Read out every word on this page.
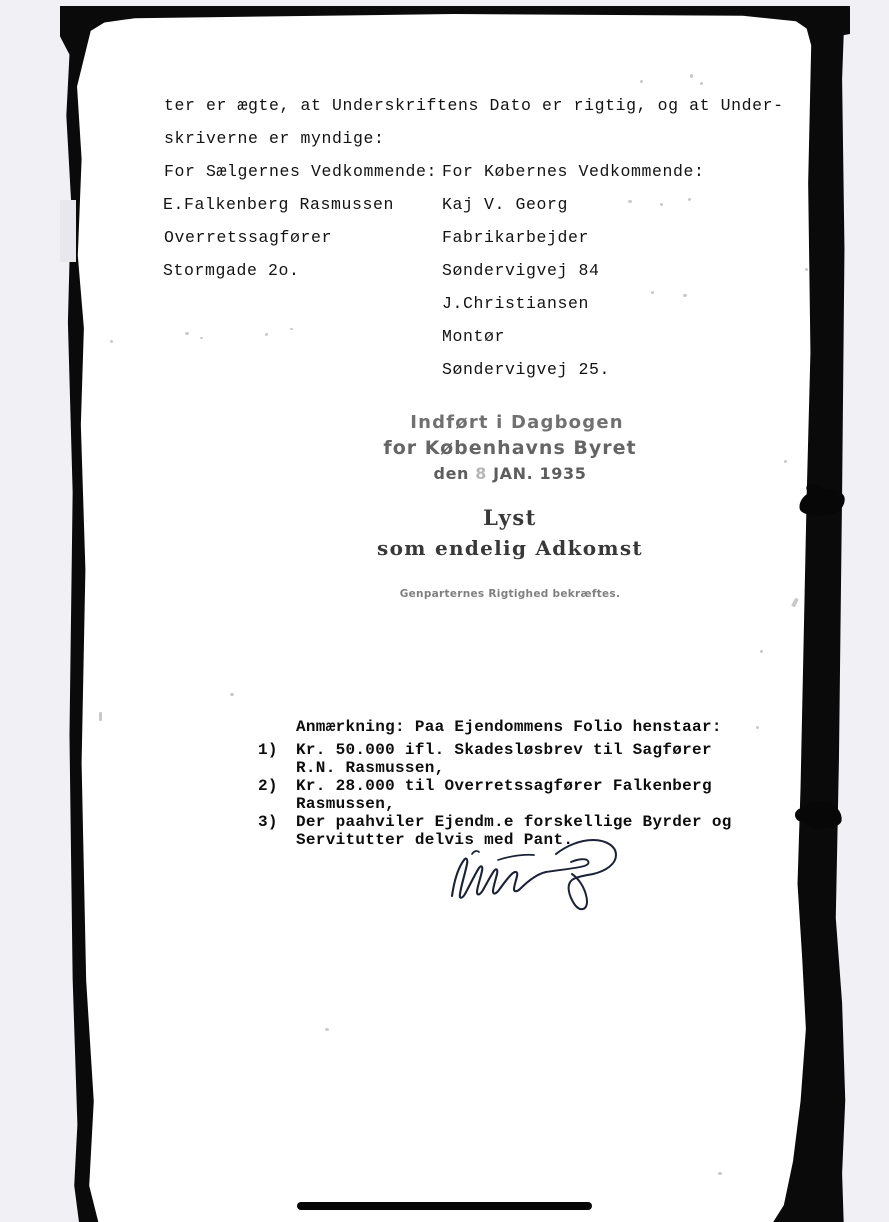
ter er ægte, at Underskriftens Dato er rigtig, og at Under-
skriverne er myndige:
For Sælgernes Vedkommende: For Købernes Vedkommende:
E.Falkenberg Rasmussen
Overretssagfører
Stormgade 2o.
Kaj V. Georg
Fabrikarbejder
Søndervigvej 84
J.Christiansen
Montør
Søndervigvej 25.
Indført i Dagbogen
for Københavns Byret
den 8 JAN. 1935
Lyst
som endelig Adkomst
Genparternes Rigtighed bekræftes.
Anmærkning: Paa Ejendommens Folio henstaar:
1) Kr. 50.000 ifl. Skadesløsbrev til Sagfører
R.N. Rasmussen,
2) Kr. 28.000 til Overretssagfører Falkenberg
Rasmussen,
3) Der paahviler Ejendm.e forskellige Byrder og
Servitutter delvis med Pant.
